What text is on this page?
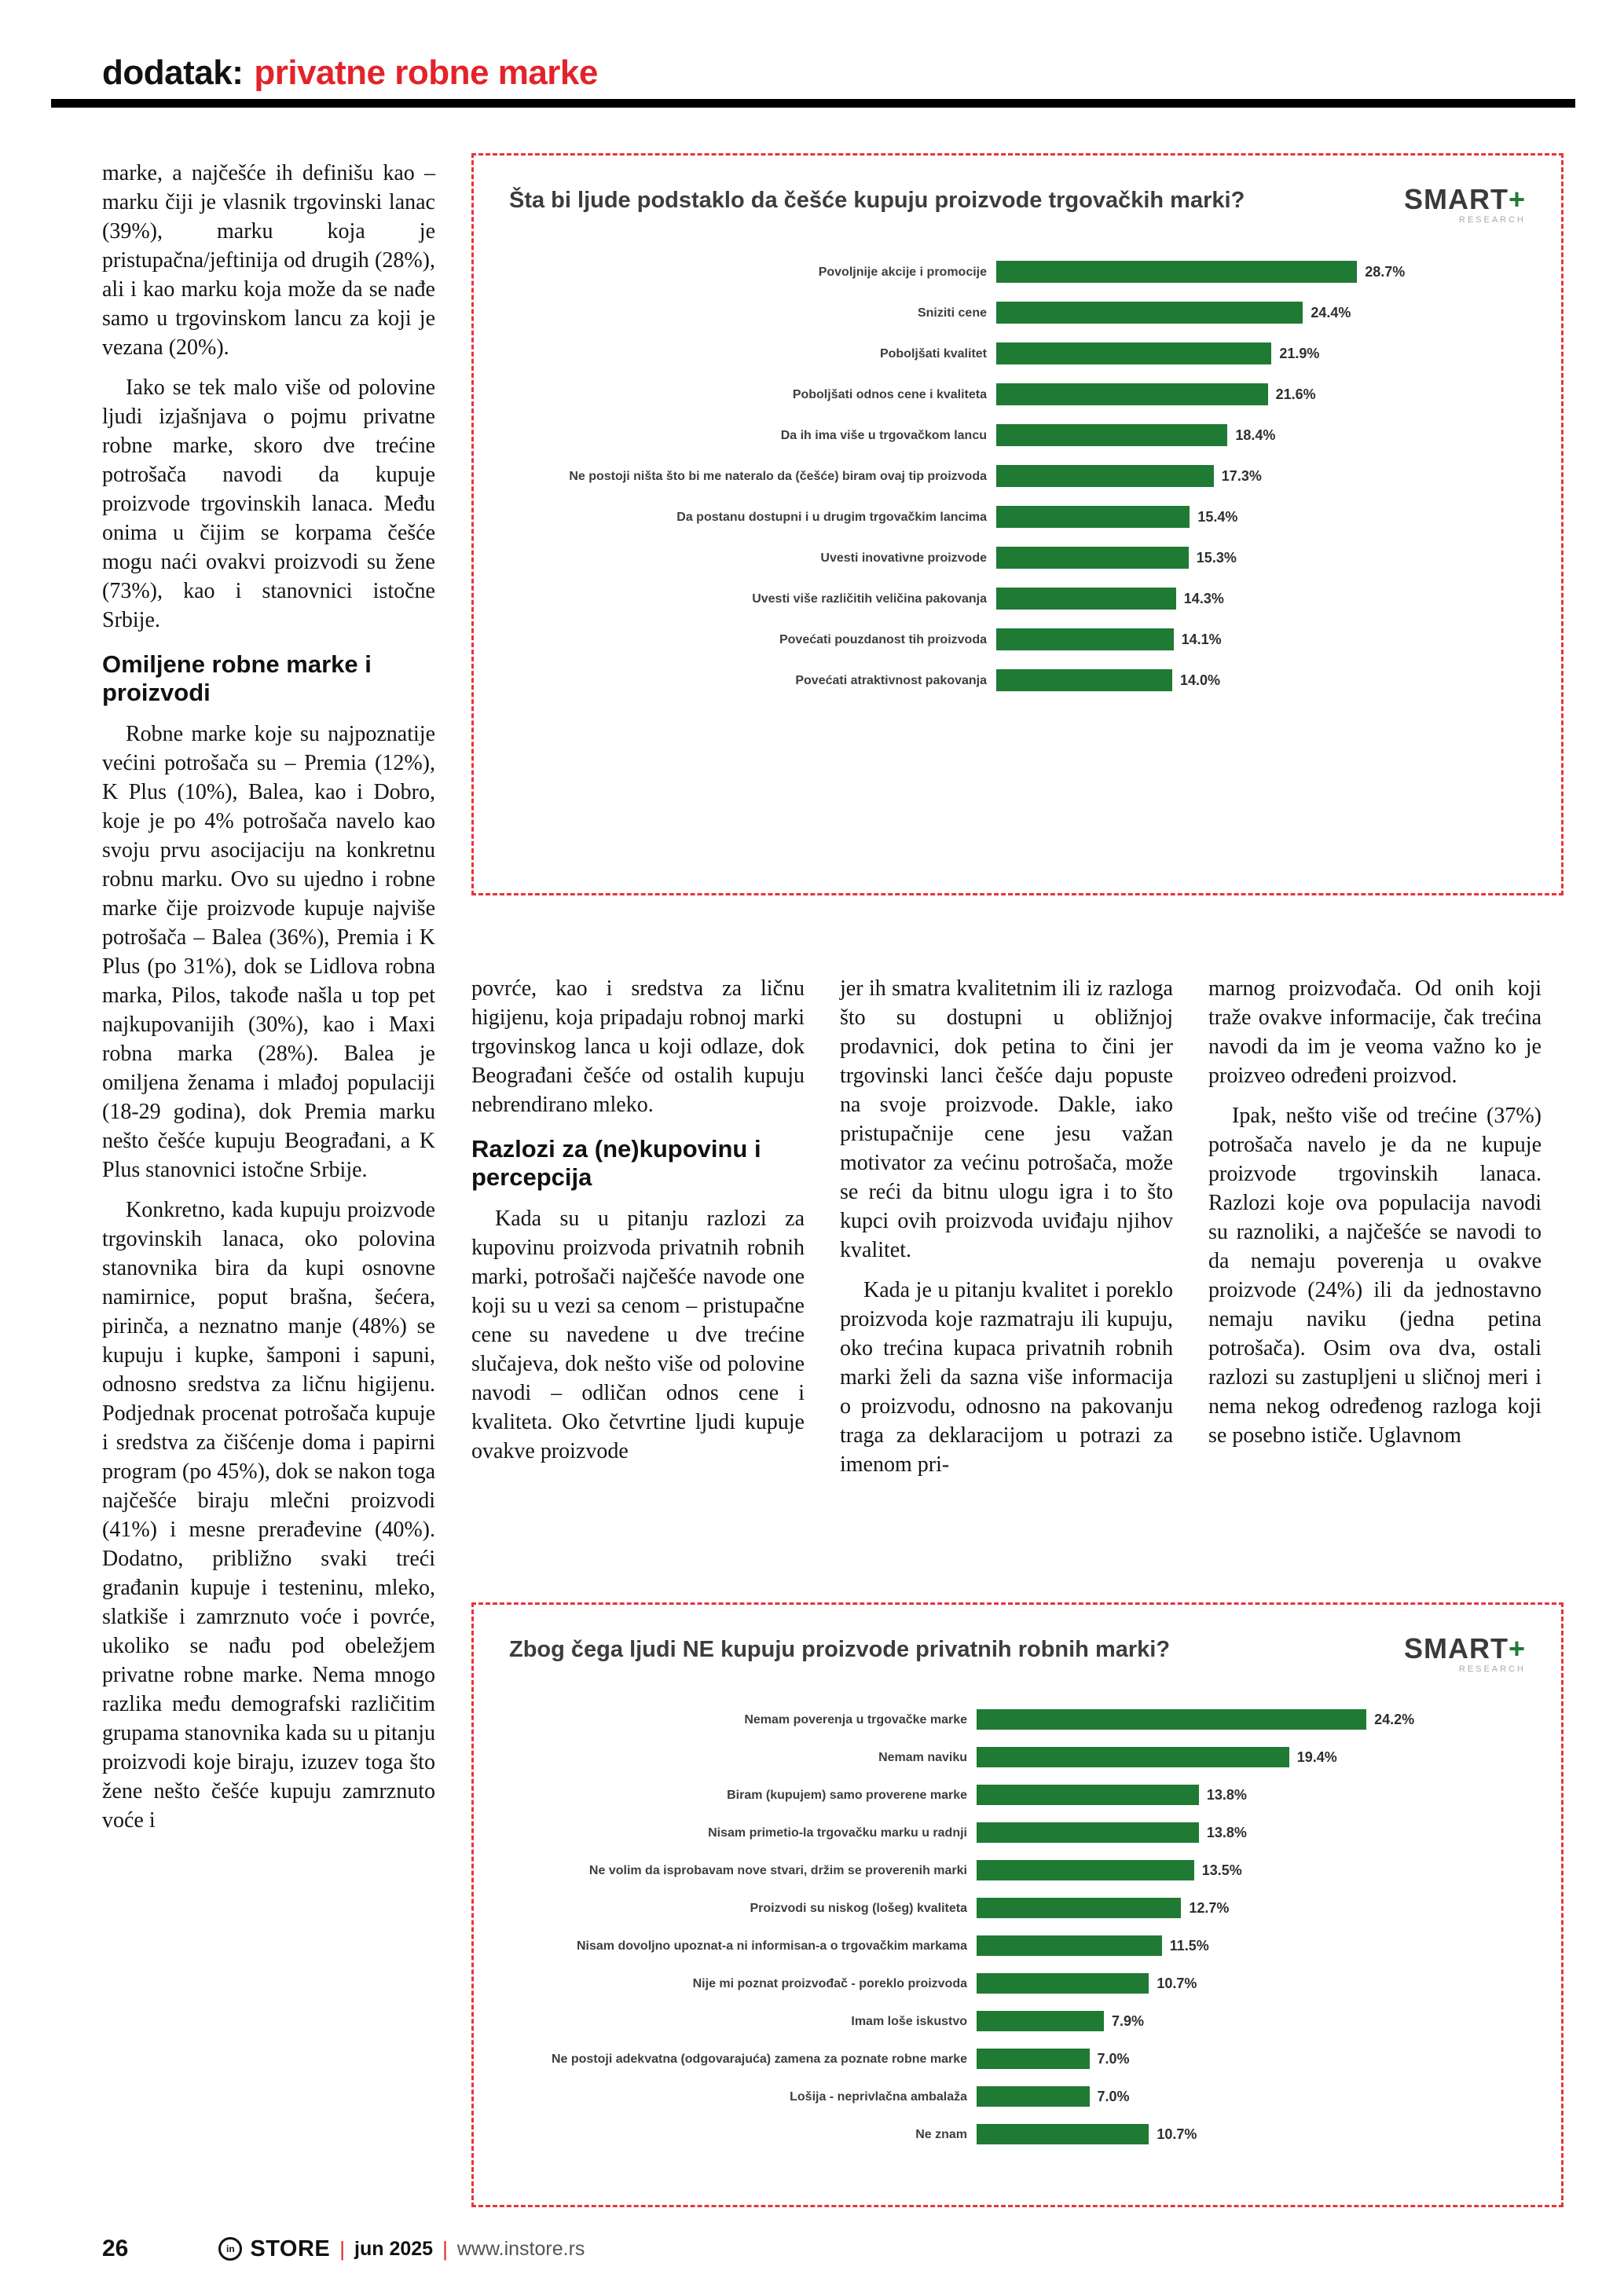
dodatak: privatne robne marke

marke, a najčešće ih definišu kao – marku čiji je vlasnik trgovinski lanac (39%), marku koja je pristupačna/jeftinija od drugih (28%), ali i kao marku koja može da se nađe samo u trgovinskom lancu za koji je vezana (20%).

Iako se tek malo više od polovine ljudi izjašnjava o pojmu privatne robne marke, skoro dve trećine potrošača navodi da kupuje proizvode trgovinskih lanaca. Među onima u čijim se korpama češće mogu naći ovakvi proizvodi su žene (73%), kao i stanovnici istočne Srbije.

Omiljene robne marke i proizvodi

Robne marke koje su najpoznatije većini potrošača su – Premia (12%), K Plus (10%), Balea, kao i Dobro, koje je po 4% potrošača navelo kao svoju prvu asocijaciju na konkretnu robnu marku. Ovo su ujedno i robne marke čije proizvode kupuje najviše potrošača – Balea (36%), Premia i K Plus (po 31%), dok se Lidlova robna marka, Pilos, takođe našla u top pet najkupovanijih (30%), kao i Maxi robna marka (28%). Balea je omiljena ženama i mlađoj populaciji (18-29 godina), dok Premia marku nešto češće kupuju Beograđani, a K Plus stanovnici istočne Srbije.

Konkretno, kada kupuju proizvode trgovinskih lanaca, oko polovina stanovnika bira da kupi osnovne namirnice, poput brašna, šećera, pirinča, a neznatno manje (48%) se kupuju i kupke, šamponi i sapuni, odnosno sredstva za ličnu higijenu. Podjednak procenat potrošača kupuje i sredstva za čišćenje doma i papirni program (po 45%), dok se nakon toga najčešće biraju mlečni proizvodi (41%) i mesne prerađevine (40%). Dodatno, približno svaki treći građanin kupuje i testeninu, mleko, slatkiše i zamrznuto voće i povrće, ukoliko se nađu pod obeležjem privatne robne marke. Nema mnogo razlika među demografski različitim grupama stanovnika kada su u pitanju proizvodi koje biraju, izuzev toga što žene nešto češće kupuju zamrznuto voće i

Šta bi ljude podstaklo da češće kupuju proizvode trgovačkih marki?	SMART+
RESEARCH
Povoljnije akcije i promocije	28.7%
Sniziti cene	24.4%
Poboljšati kvalitet	21.9%
Poboljšati odnos cene i kvaliteta	21.6%
Da ih ima više u trgovačkom lancu	18.4%
Ne postoji ništa što bi me nateralo da (češće) biram ovaj tip proizvoda	17.3%
Da postanu dostupni i u drugim trgovačkim lancima	15.4%
Uvesti inovativne proizvode	15.3%
Uvesti više različitih veličina pakovanja	14.3%
Povećati pouzdanost tih proizvoda	14.1%
Povećati atraktivnost pakovanja	14.0%

povrće, kao i sredstva za ličnu higijenu, koja pripadaju robnoj marki trgovinskog lanca u koji odlaze, dok Beograđani češće od ostalih kupuju nebrendirano mleko.

Razlozi za (ne)kupovinu i percepcija

Kada su u pitanju razlozi za kupovinu proizvoda privatnih robnih marki, potrošači najčešće navode one koji su u vezi sa cenom – pristupačne cene su navedene u dve trećine slučajeva, dok nešto više od polovine navodi – odličan odnos cene i kvaliteta. Oko četvrtine ljudi kupuje ovakve proizvode

jer ih smatra kvalitetnim ili iz razloga što su dostupni u obližnjoj prodavnici, dok petina to čini jer trgovinski lanci češće daju popuste na svoje proizvode. Dakle, iako pristupačnije cene jesu važan motivator za većinu potrošača, može se reći da bitnu ulogu igra i to što kupci ovih proizvoda uviđaju njihov kvalitet.

Kada je u pitanju kvalitet i poreklo proizvoda koje razmatraju ili kupuju, oko trećina kupaca privatnih robnih marki želi da sazna više informacija o proizvodu, odnosno na pakovanju traga za deklaracijom u potrazi za imenom pri-

marnog proizvođača. Od onih koji traže ovakve informacije, čak trećina navodi da im je veoma važno ko je proizveo određeni proizvod.

Ipak, nešto više od trećine (37%) potrošača navelo je da ne kupuje proizvode trgovinskih lanaca. Razlozi koje ova populacija navodi su raznoliki, a najčešće se navodi to da nemaju poverenja u ovakve proizvode (24%) ili da jednostavno nemaju naviku (jedna petina potrošača). Osim ova dva, ostali razlozi su zastupljeni u sličnoj meri i nema nekog određenog razloga koji se posebno ističe. Uglavnom

Zbog čega ljudi NE kupuju proizvode privatnih robnih marki?	SMART+
RESEARCH
Nemam poverenja u trgovačke marke	24.2%
Nemam naviku	19.4%
Biram (kupujem) samo proverene marke	13.8%
Nisam primetio-la trgovačku marku u radnji	13.8%
Ne volim da isprobavam nove stvari, držim se proverenih marki	13.5%
Proizvodi su niskog (lošeg) kvaliteta	12.7%
Nisam dovoljno upoznat-a ni informisan-a o trgovačkim markama	11.5%
Nije mi poznat proizvođač - poreklo proizvoda	10.7%
Imam loše iskustvo	7.9%
Ne postoji adekvatna (odgovarajuća) zamena za poznate robne marke	7.0%
Lošija - neprivlačna ambalaža	7.0%
Ne znam	10.7%
26	in STORE | jun 2025 | www.instore.rs
